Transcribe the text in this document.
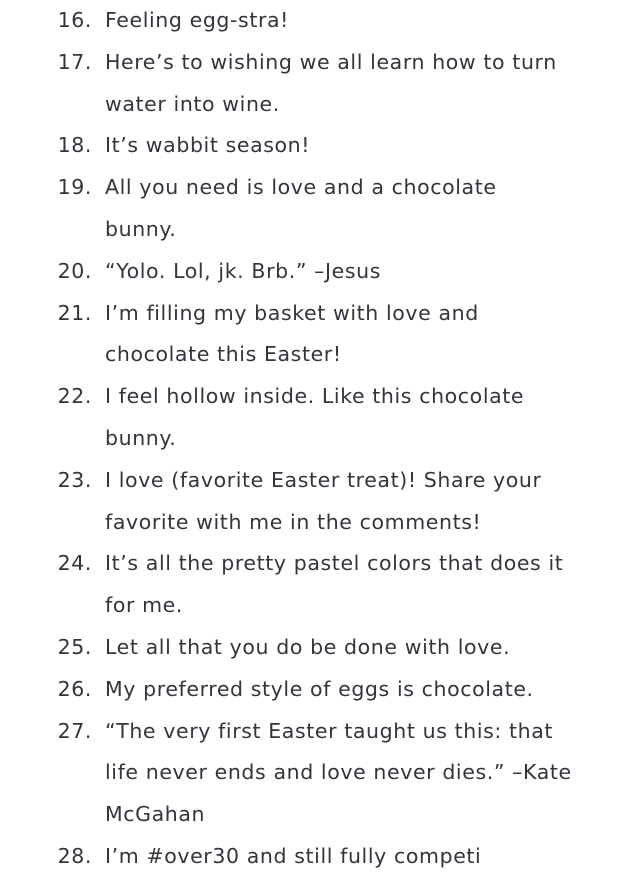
16. Feeling egg-stra!
17. Here’s to wishing we all learn how to turn
water into wine.
18. It’s wabbit season!
19. All you need is love and a chocolate
bunny.
20. “Yolo. Lol, jk. Brb.” –Jesus
21. I’m filling my basket with love and
chocolate this Easter!
22. I feel hollow inside. Like this chocolate
bunny.
23. I love (favorite Easter treat)! Share your
favorite with me in the comments!
24. It’s all the pretty pastel colors that does it
for me.
25. Let all that you do be done with love.
26. My preferred style of eggs is chocolate.
27. “The very first Easter taught us this: that
life never ends and love never dies.” –Kate
McGahan
28. I’m #over30 and still fully competi
